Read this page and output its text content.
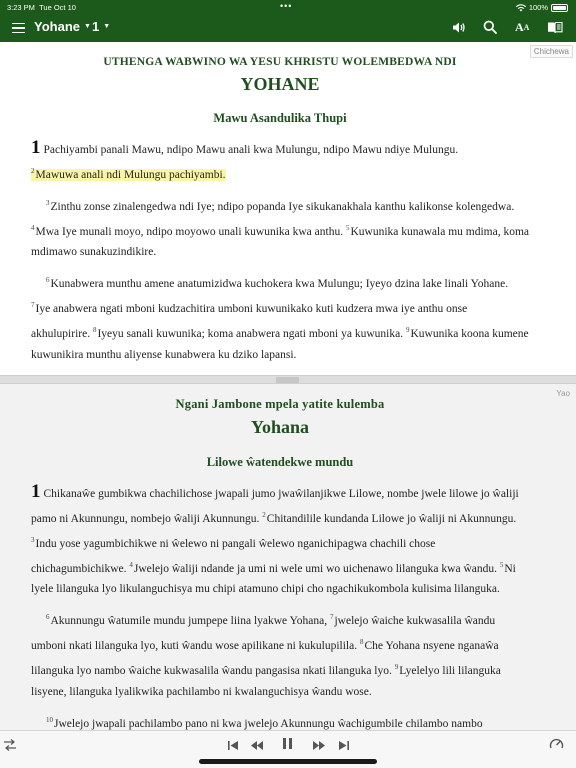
3:23 PM Tue Oct 10	•••	100%
Yohane ▼ 1 ▼	A A
Chichewa
UTHENGA WABWINO WA YESU KHRISTU WOLEMBEDWA NDI
YOHANE
Mawu Asandulika Thupi
1 Pachiyambi panali Mawu, ndipo Mawu anali kwa Mulungu, ndipo Mawu ndiye Mulungu.
$^2$Mawuwa anali ndi Mulungu pachiyambi.
$^3$Zinthu zonse zinalengedwa ndi Iye; ndipo popanda Iye sikukanakhala kanthu kalikonse kolengedwa. $^4$Mwa Iye munali moyo, ndipo moyowo unali kuwunika kwa anthu. $^5$Kuwunika kunawala mu mdima, koma mdimawo sunakuzindikire.
$^6$Kunabwera munthu amene anatumizidwa kuchokera kwa Mulungu; Iyeyo dzina lake linali Yohane. $^7$Iye anabwera ngati mboni kudzachitira umboni kuwunikako kuti kudzera mwa iye anthu onse akhulupirire. $^8$Iyeyu sanali kuwunika; koma anabwera ngati mboni ya kuwunika. $^9$Kuwunika koona kumene kuwunikira munthu aliyense kunabwera ku dziko lapansi.
Yao
Ngani Jambone mpela yatite kulemba
Yohana
Lilowe ŵatendekwe mundu
1 Chikanaŵe gumbikwa chachilichose jwapali jumo jwaŵilanjikwe Lilowe, nombe jwele lilowe jo ŵaliji pamo ni Akunnungu, nombejo ŵaliji Akunnungu. $^2$Chitandilile kundanda Lilowe jo ŵaliji ni Akunnungu. $^3$Indu yose yagumbichikwe ni ŵelewo ni pangali ŵelewo nganichipagwa chachili chose chichagumbichikwe. $^4$Jwelejo ŵaliji ndande ja umi ni wele umi wo uichenawo lilanguka kwa ŵandu. $^5$Ni lyele lilanguka lyo likulanguchisya mu chipi atamuno chipi cho ngachikukombola kulisima lilanguka.
$^6$Akunnungu ŵatumile mundu jumpepe liina lyakwe Yohana, $^7$jwelejo ŵaiche kukwasalila ŵandu umboni nkati lilanguka lyo, kuti ŵandu wose apilikane ni kukulupilila. $^8$Che Yohana nsyene nganaŵa lilanguka lyo nambo ŵaiche kukwasalila ŵandu pangasisa nkati lilanguka lyo. $^9$Lyelelyo lili lilanguka lisyene, lilanguka lyalikwika pachilambo ni kwalanguchisya ŵandu wose.
$^{10}$Jwelejo jwapali pachilambo pano ni kwa jwelejo Akunnungu ŵachigumbile chilambo nambo
